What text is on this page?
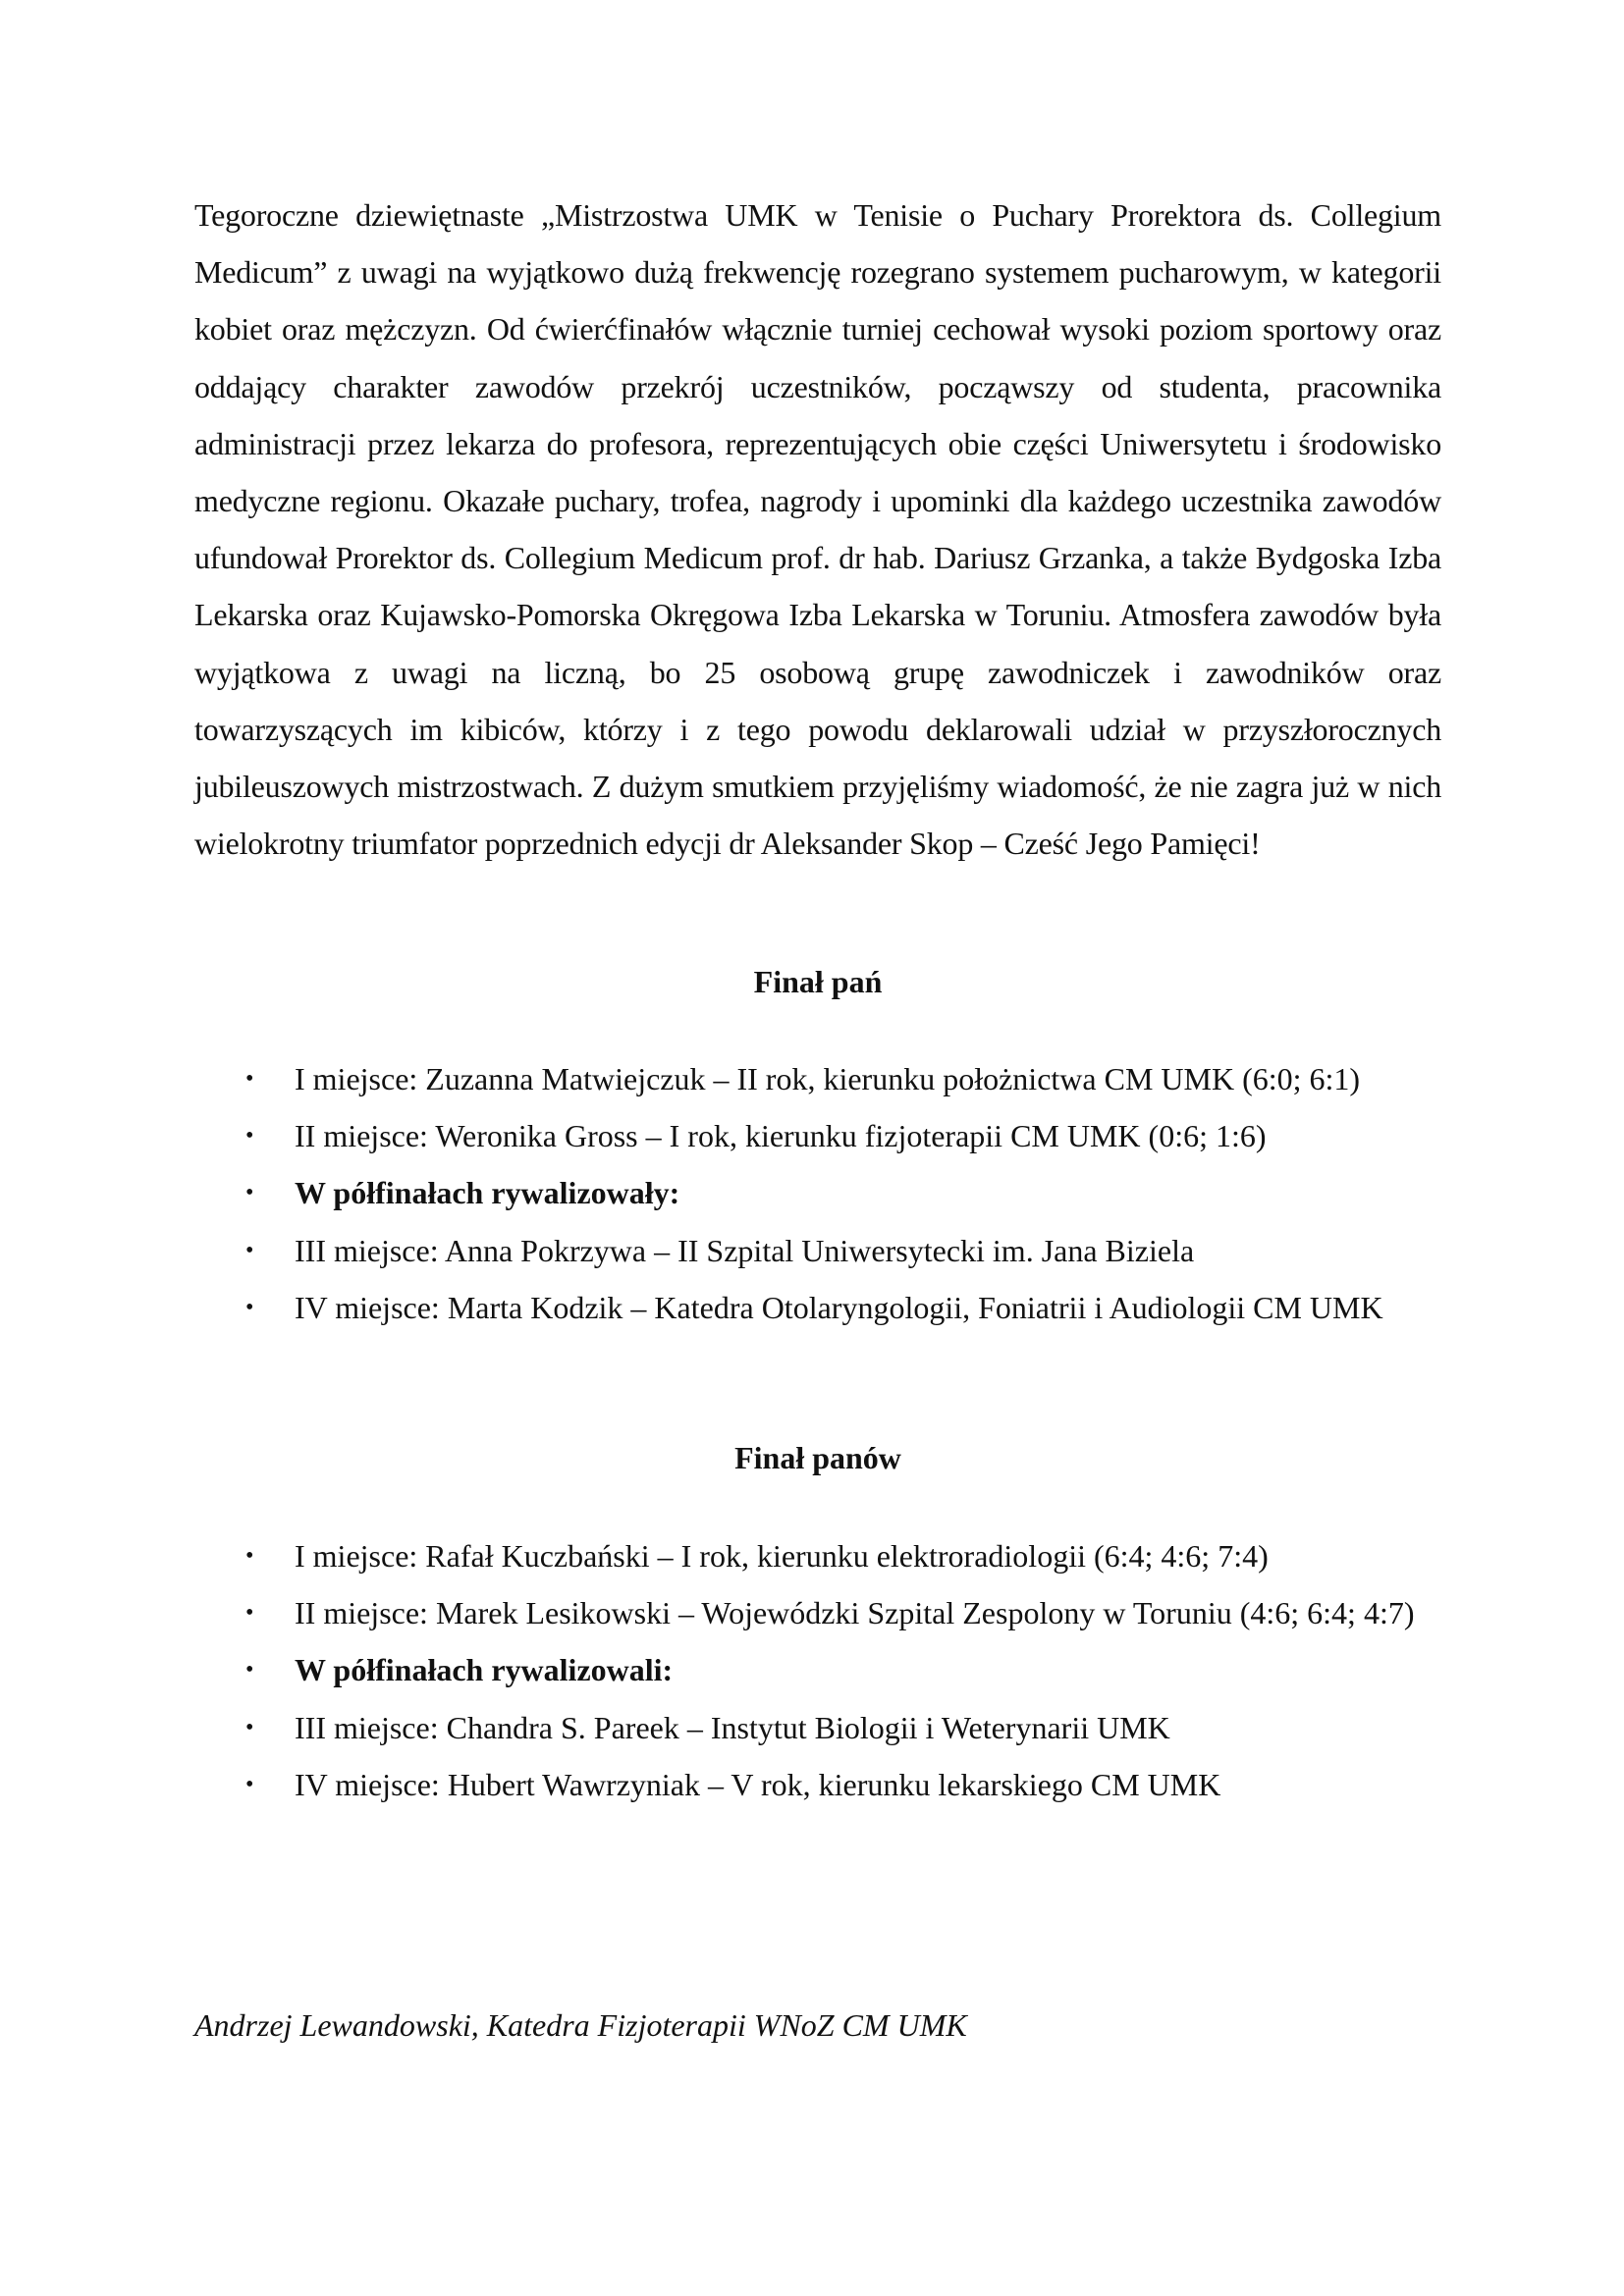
Tegoroczne dziewiętnaste „Mistrzostwa UMK w Tenisie o Puchary Prorektora ds. Collegium Medicum” z uwagi na wyjątkowo dużą frekwencję rozegrano systemem pucharowym, w kategorii kobiet oraz mężczyzn. Od ćwierćfinałów włącznie turniej cechował wysoki poziom sportowy oraz oddający charakter zawodów przekrój uczestników, począwszy od studenta, pracownika administracji przez lekarza do profesora, reprezentujących obie części Uniwersytetu i środowisko medyczne regionu. Okazałe puchary, trofea, nagrody i upominki dla każdego uczestnika zawodów ufundował Prorektor ds. Collegium Medicum prof. dr hab. Dariusz Grzanka, a także Bydgoska Izba Lekarska oraz Kujawsko-Pomorska Okręgowa Izba Lekarska w Toruniu. Atmosfera zawodów była wyjątkowa z uwagi na liczną, bo 25 osobową grupę zawodniczek i zawodników oraz towarzyszących im kibiców, którzy i z tego powodu deklarowali udział w przyszłorocznych jubileuszowych mistrzostwach. Z dużym smutkiem przyjęliśmy wiadomość, że nie zagra już w nich wielokrotny triumfator poprzednich edycji dr Aleksander Skop – Cześć Jego Pamięci!

Finał pań
• I miejsce: Zuzanna Matwiejczuk – II rok, kierunku położnictwa CM UMK (6:0; 6:1)
• II miejsce: Weronika Gross – I rok, kierunku fizjoterapii CM UMK (0:6; 1:6)
• W półfinałach rywalizowały:
• III miejsce: Anna Pokrzywa – II Szpital Uniwersytecki im. Jana Biziela
• IV miejsce: Marta Kodzik – Katedra Otolaryngologii, Foniatrii i Audiologii CM UMK
Finał panów
• I miejsce: Rafał Kuczbański – I rok, kierunku elektroradiologii (6:4; 4:6; 7:4)
• II miejsce: Marek Lesikowski – Wojewódzki Szpital Zespolony w Toruniu (4:6; 6:4; 4:7)
• W półfinałach rywalizowali:
• III miejsce: Chandra S. Pareek – Instytut Biologii i Weterynarii UMK
• IV miejsce: Hubert Wawrzyniak – V rok, kierunku lekarskiego CM UMK

Andrzej Lewandowski, Katedra Fizjoterapii WNoZ CM UMK
